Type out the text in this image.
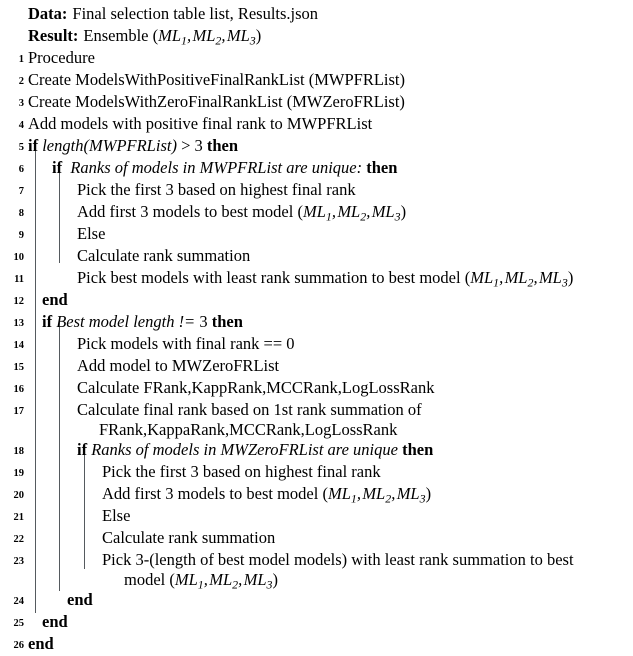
Data: Final selection table list, Results.json
Result: Ensemble ($ML_1$, $ML_2$, $ML_3$)
1 Procedure
2 Create ModelsWithPositiveFinalRankList (MWPFRList)
3 Create ModelsWithZeroFinalRankList (MWZeroFRList)
4 Add models with positive final rank to MWPFRList
5 if length(MWPFRList) > 3 then
6	if Ranks of models in MWPFRList are unique: then
7	Pick the first 3 based on highest final rank
8	Add first 3 models to best model ($ML_1$, $ML_2$, $ML_3$)
9	Else
10	Calculate rank summation
11	Pick best models with least rank summation to best model ($ML_1$, $ML_2$, $ML_3$)
12	end
13	if Best model length != 3 then
14	Pick models with final rank == 0
15	Add model to MWZeroFRList
16	Calculate FRank,KappRank,MCCRank,LogLossRank
17	Calculate final rank based on 1st rank summation of
FRank,KappaRank,MCCRank,LogLossRank
18	if Ranks of models in MWZeroFRList are unique then
19	Pick the first 3 based on highest final rank
20	Add first 3 models to best model ($ML_1$, $ML_2$, $ML_3$)
21	Else
22	Calculate rank summation
23	Pick 3-(length of best model models) with least rank summation to best
model ($ML_1$, $ML_2$, $ML_3$)
24	end
25	end
26 end
